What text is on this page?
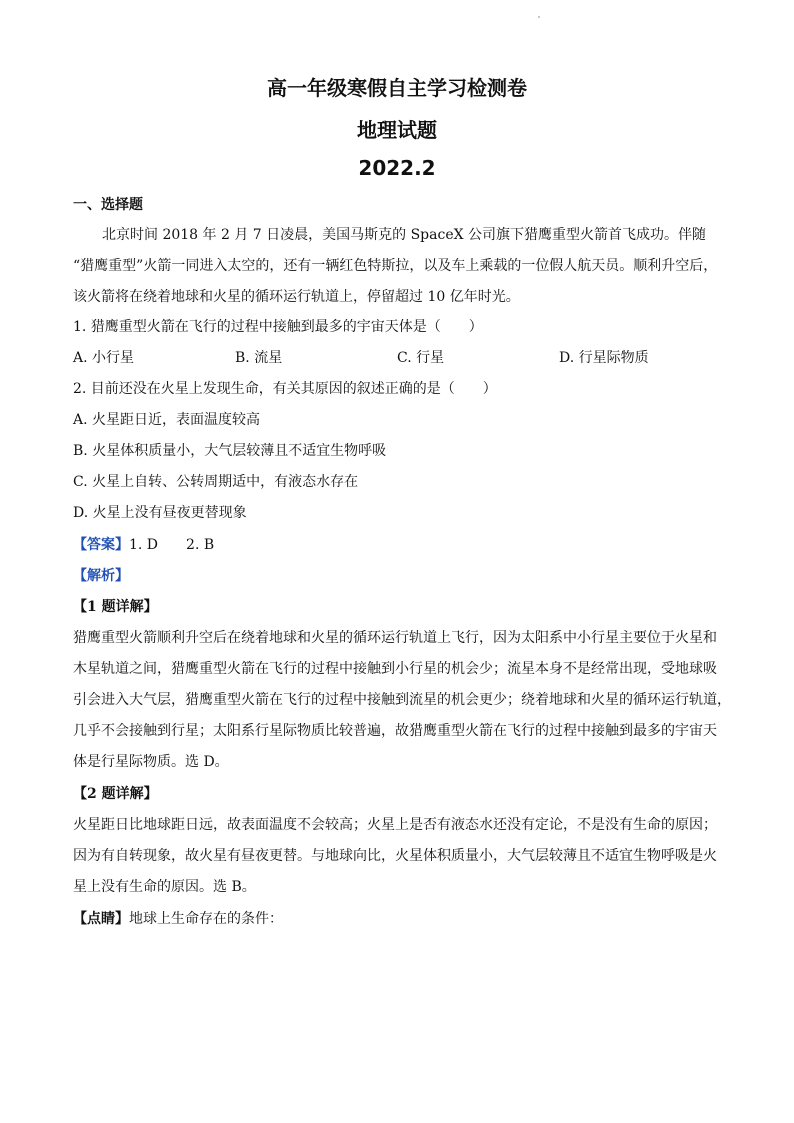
高一年级寒假自主学习检测卷
地理试题
2022.2
一、选择题
北京时间 2018 年 2 月 7 日凌晨，美国马斯克的 SpaceX 公司旗下猎鹰重型火箭首飞成功。伴随
“猎鹰重型”火箭一同进入太空的，还有一辆红色特斯拉，以及车上乘载的一位假人航天员。顺利升空后，
该火箭将在绕着地球和火星的循环运行轨道上，停留超过 10 亿年时光。
1. 猎鹰重型火箭在飞行的过程中接触到最多的宇宙天体是（　　）
A. 小行星	B. 流星	C. 行星	D. 行星际物质
2. 目前还没在火星上发现生命，有关其原因的叙述正确的是（　　）
A. 火星距日近，表面温度较高
B. 火星体积质量小，大气层较薄且不适宜生物呼吸
C. 火星上自转、公转周期适中，有液态水存在
D. 火星上没有昼夜更替现象
【答案】1. D　　2. B
【解析】
【1 题详解】
猎鹰重型火箭顺利升空后在绕着地球和火星的循环运行轨道上飞行，因为太阳系中小行星主要位于火星和
木星轨道之间，猎鹰重型火箭在飞行的过程中接触到小行星的机会少；流星本身不是经常出现，受地球吸
引会进入大气层，猎鹰重型火箭在飞行的过程中接触到流星的机会更少；绕着地球和火星的循环运行轨道，
几乎不会接触到行星；太阳系行星际物质比较普遍，故猎鹰重型火箭在飞行的过程中接触到最多的宇宙天
体是行星际物质。选 D。
【2 题详解】
火星距日比地球距日远，故表面温度不会较高；火星上是否有液态水还没有定论，不是没有生命的原因；
因为有自转现象，故火星有昼夜更替。与地球向比，火星体积质量小，大气层较薄且不适宜生物呼吸是火
星上没有生命的原因。选 B。
【点睛】地球上生命存在的条件：
